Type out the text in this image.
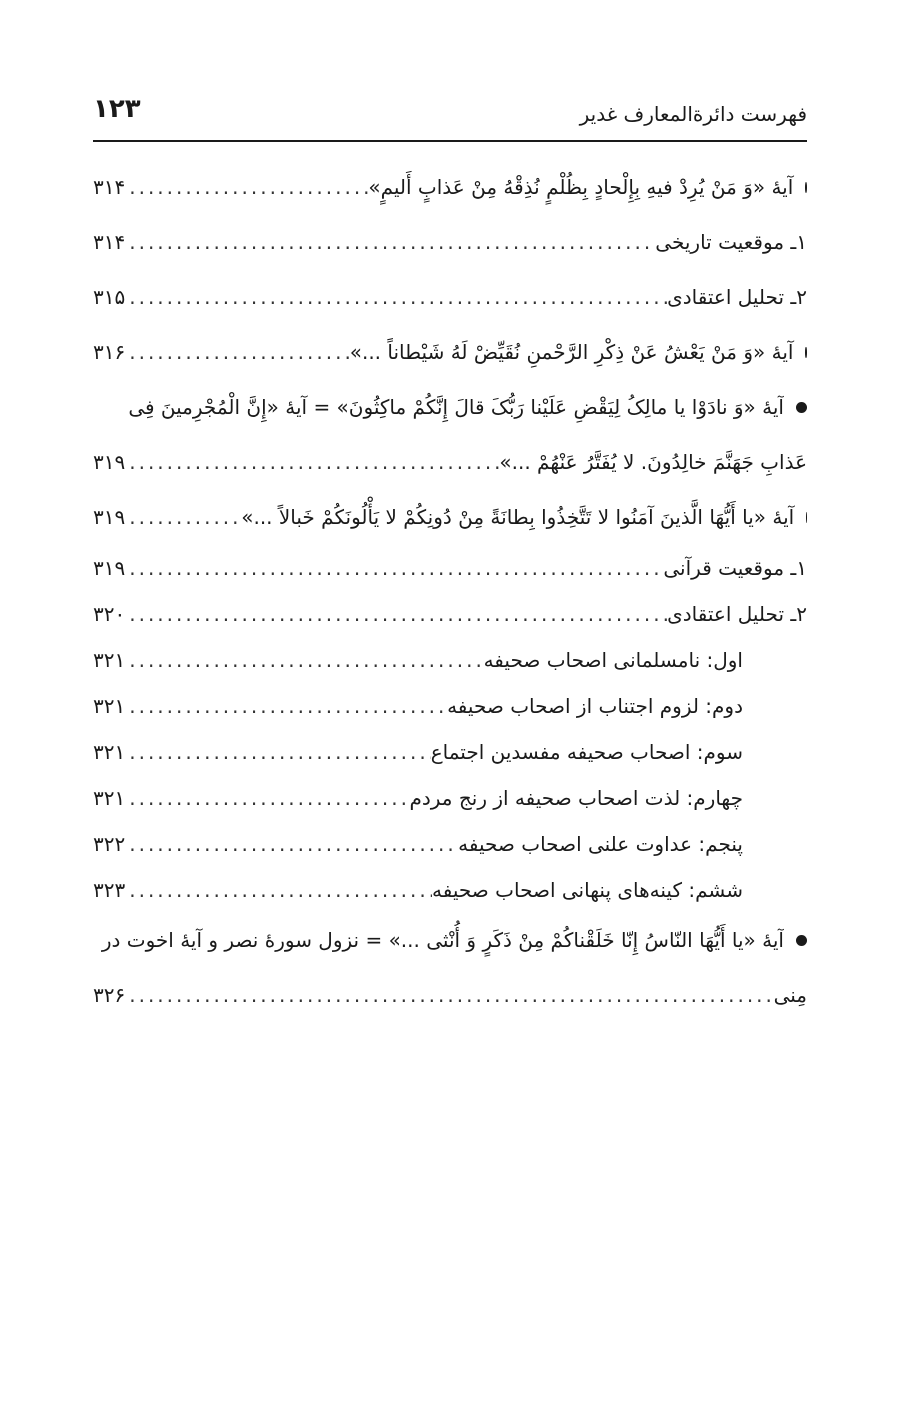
۱۲۳	فهرست دائرةالمعارف غدیر
آیهٔ «وَ مَنْ یُرِدْ فیهِ بِإِلْحادٍ بِظُلْمٍ نُذِقْهُ مِنْ عَذابٍ أَلیمٍ»
.....
۳۱۴
۱ـ موقعیت تاریخی
.....
۳۱۴
۲ـ تحلیل اعتقادی
.....
۳۱۵
آیهٔ «وَ مَنْ یَعْشُ عَنْ ذِکْرِ الرَّحْمنِ نُقَیِّضْ لَهُ شَیْطاناً ...»
.....
۳۱۶
آیهٔ «وَ نادَوْا یا مالِکُ لِیَقْضِ عَلَیْنا رَبُّکَ قالَ إِنَّکُمْ ماکِثُونَ» = آیهٔ «إِنَّ الْمُجْرِمینَ فِی
عَذابِ جَهَنَّمَ خالِدُونَ. لا یُفَتَّرُ عَنْهُمْ ...»
.....
۳۱۹
آیهٔ «یا أَیُّهَا الَّذینَ آمَنُوا لا تَتَّخِذُوا بِطانَةً مِنْ دُونِکُمْ لا یَأْلُونَکُمْ خَبالاً ...»
.....
۳۱۹
۱ـ موقعیت قرآنی
.....
۳۱۹
۲ـ تحلیل اعتقادی
.....
۳۲۰
اول: نامسلمانی اصحاب صحیفه
.....
۳۲۱
دوم: لزوم اجتناب از اصحاب صحیفه
.....
۳۲۱
سوم: اصحاب صحیفه مفسدین اجتماع
.....
۳۲۱
چهارم: لذت اصحاب صحیفه از رنج مردم
.....
۳۲۱
پنجم: عداوت علنی اصحاب صحیفه
.....
۳۲۲
ششم: کینه‌های پنهانی اصحاب صحیفه
.....
۳۲۳
آیهٔ «یا أَیُّهَا النّاسُ إِنّا خَلَقْناکُمْ مِنْ ذَکَرٍ وَ أُنْثی ...» = نزول سورهٔ نصر و آیهٔ اخوت در
مِنی
.....
۳۲۶
